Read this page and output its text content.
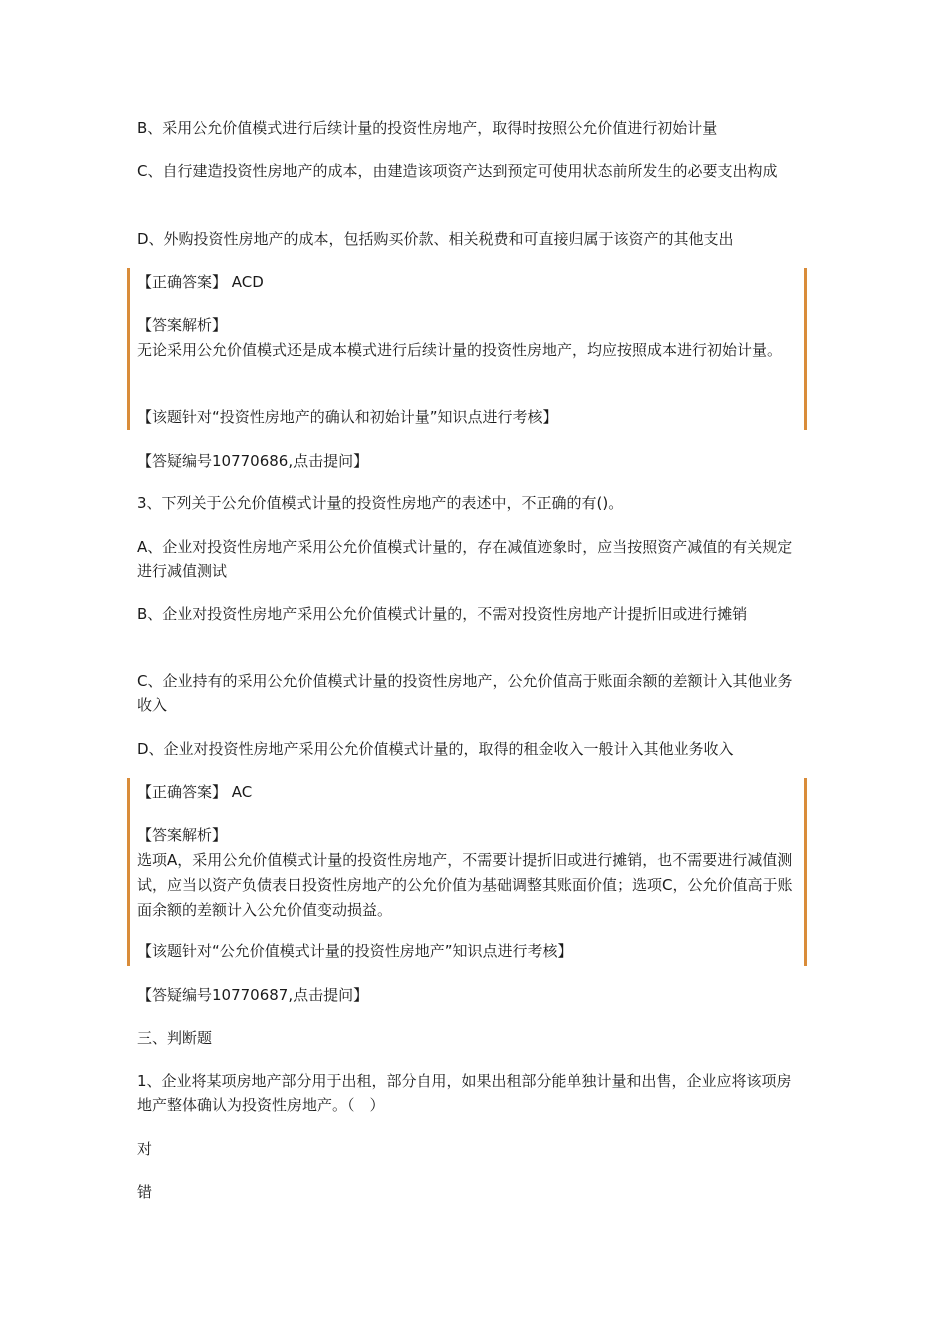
B、采用公允价值模式进行后续计量的投资性房地产，取得时按照公允价值进行初始计量

C、自行建造投资性房地产的成本，由建造该项资产达到预定可使用状态前所发生的必要支出构成

D、外购投资性房地产的成本，包括购买价款、相关税费和可直接归属于该资产的其他支出

【正确答案】 ACD

【答案解析】

无论采用公允价值模式还是成本模式进行后续计量的投资性房地产，均应按照成本进行初始计量。

【该题针对“投资性房地产的确认和初始计量”知识点进行考核】

【答疑编号10770686,点击提问】

3、下列关于公允价值模式计量的投资性房地产的表述中，不正确的有()。

A、企业对投资性房地产采用公允价值模式计量的，存在减值迹象时，应当按照资产减值的有关规定进行减值测试

B、企业对投资性房地产采用公允价值模式计量的，不需对投资性房地产计提折旧或进行摊销

C、企业持有的采用公允价值模式计量的投资性房地产，公允价值高于账面余额的差额计入其他业务收入

D、企业对投资性房地产采用公允价值模式计量的，取得的租金收入一般计入其他业务收入

【正确答案】 AC

【答案解析】

选项A，采用公允价值模式计量的投资性房地产，不需要计提折旧或进行摊销，也不需要进行减值测试，应当以资产负债表日投资性房地产的公允价值为基础调整其账面价值；选项C，公允价值高于账面余额的差额计入公允价值变动损益。

【该题针对“公允价值模式计量的投资性房地产”知识点进行考核】

【答疑编号10770687,点击提问】

三、判断题

1、企业将某项房地产部分用于出租，部分自用，如果出租部分能单独计量和出售，企业应将该项房地产整体确认为投资性房地产。（　）

对

错
